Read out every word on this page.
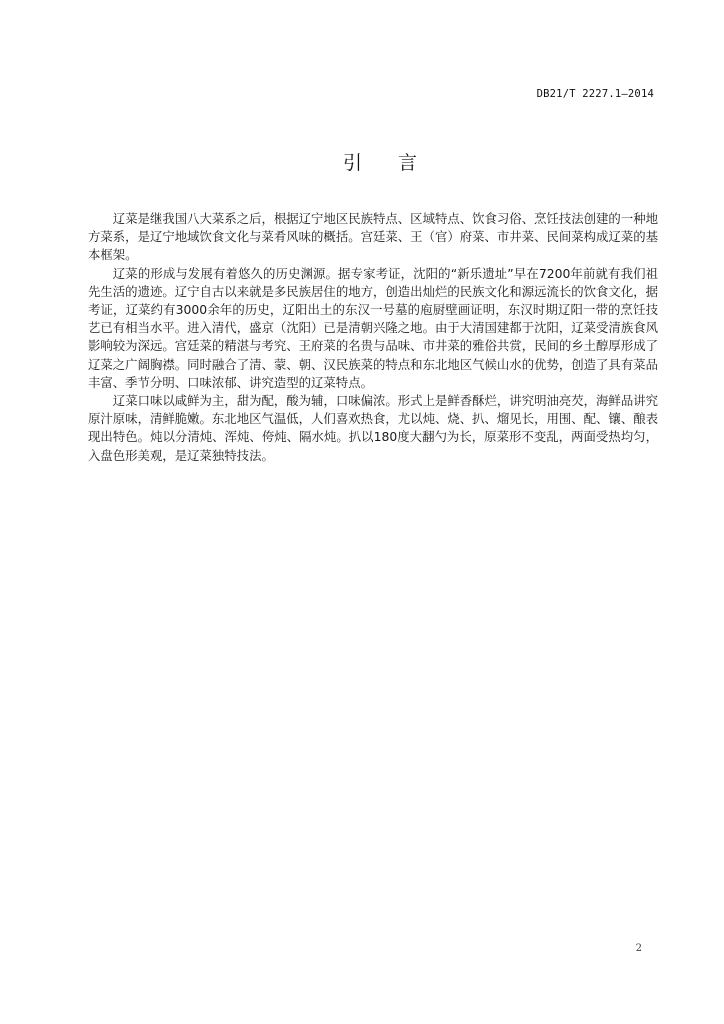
DB21/T 2227.1—2014
引言

辽菜是继我国八大菜系之后，根据辽宁地区民族特点、区域特点、饮食习俗、烹饪技法创建的一种地方菜系，是辽宁地域饮食文化与菜肴风味的概括。宫廷菜、王（官）府菜、市井菜、民间菜构成辽菜的基本框架。

辽菜的形成与发展有着悠久的历史渊源。据专家考证，沈阳的“新乐遗址”早在7200年前就有我们祖先生活的遗迹。辽宁自古以来就是多民族居住的地方，创造出灿烂的民族文化和源远流长的饮食文化，据考证，辽菜约有3000余年的历史，辽阳出土的东汉一号墓的庖厨壁画证明，东汉时期辽阳一带的烹饪技艺已有相当水平。进入清代，盛京（沈阳）已是清朝兴隆之地。由于大清国建都于沈阳，辽菜受清族食风影响较为深远。宫廷菜的精湛与考究、王府菜的名贵与品味、市井菜的雅俗共赏，民间的乡土醇厚形成了辽菜之广阔胸襟。同时融合了清、蒙、朝、汉民族菜的特点和东北地区气候山水的优势，创造了具有菜品丰富、季节分明、口味浓郁、讲究造型的辽菜特点。

辽菜口味以咸鲜为主，甜为配，酸为辅，口味偏浓。形式上是鲜香酥烂，讲究明油亮芡，海鲜品讲究原汁原味，清鲜脆嫩。东北地区气温低，人们喜欢热食，尤以炖、烧、扒、熘见长，用围、配、镶、酿表现出特色。炖以分清炖、浑炖、侉炖、隔水炖。扒以180度大翻勺为长，原菜形不变乱，两面受热均匀，入盘色形美观，是辽菜独特技法。

2
